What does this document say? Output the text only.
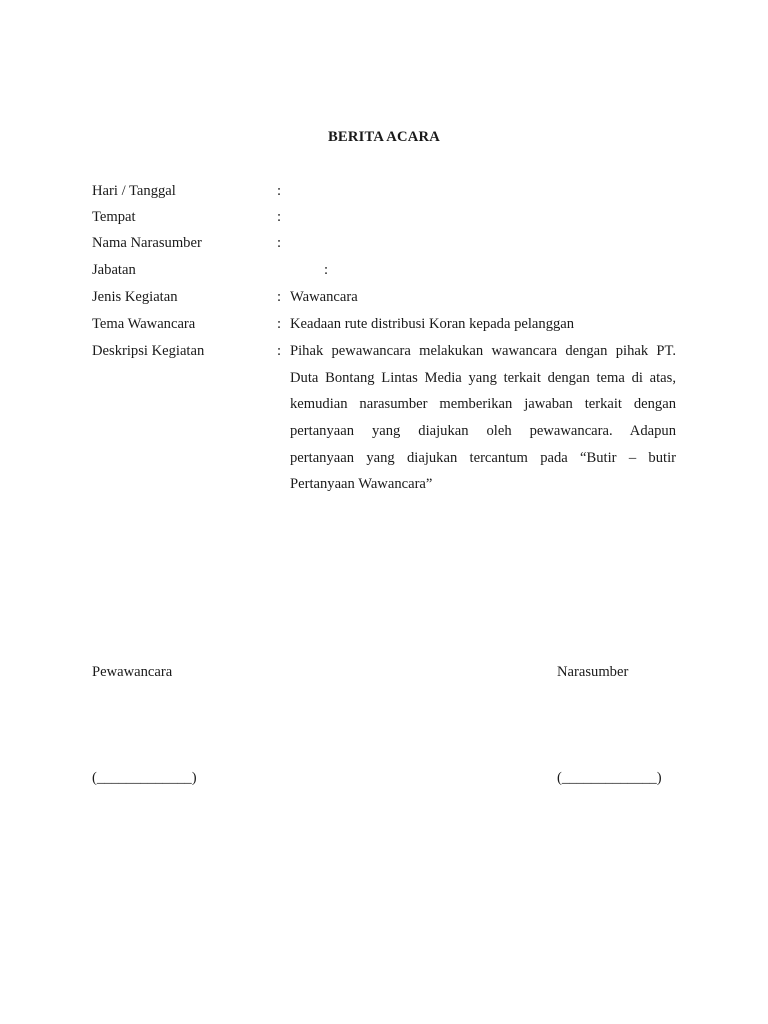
BERITA ACARA
Hari / Tanggal	:
Tempat	:
Nama Narasumber	:
Jabatan	:
Jenis Kegiatan	: Wawancara
Tema Wawancara	: Keadaan rute distribusi Koran kepada pelanggan
Deskripsi Kegiatan	: Pihak pewawancara melakukan wawancara dengan pihak PT.
Duta Bontang Lintas Media yang terkait dengan tema di atas,
kemudian narasumber memberikan jawaban terkait dengan
pertanyaan yang diajukan oleh pewawancara. Adapun
pertanyaan yang diajukan tercantum pada “Butir – butir
Pertanyaan Wawancara”
Pewawancara	Narasumber
(_____________)	(_____________)
